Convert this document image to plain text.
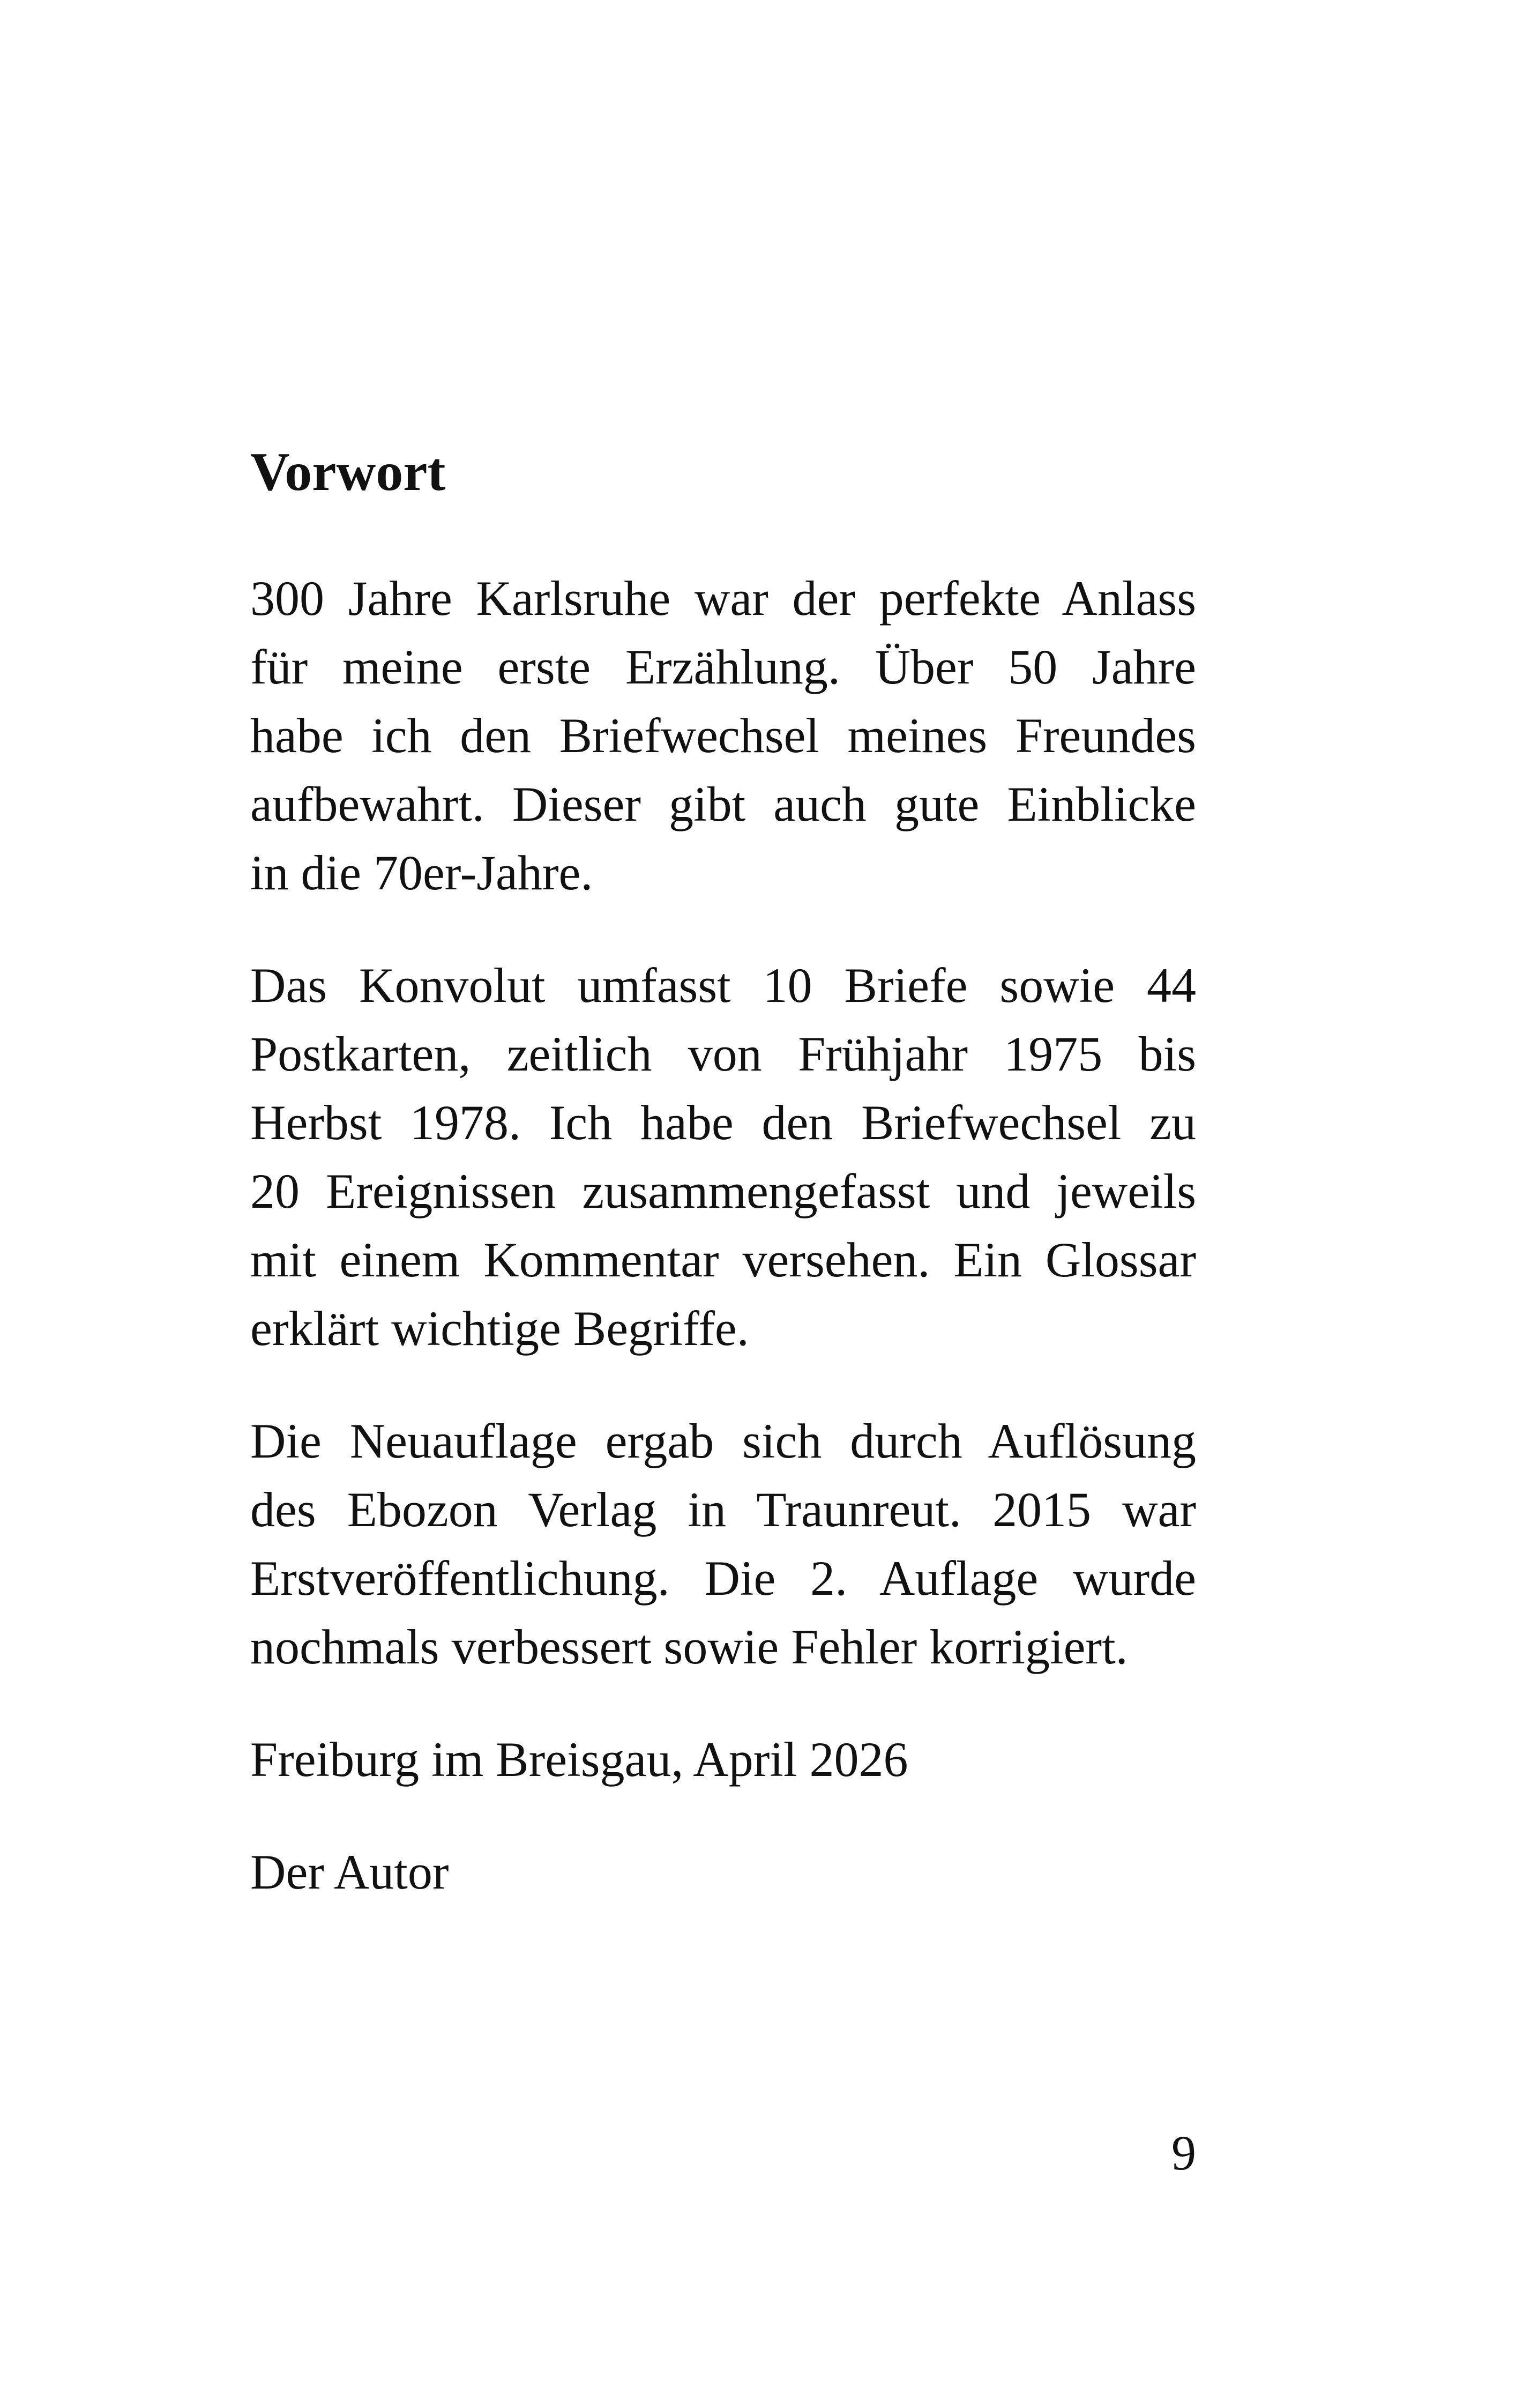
Vorwort

300 Jahre Karlsruhe war der perfekte Anlass

für meine erste Erzählung. Über 50 Jahre

habe ich den Briefwechsel meines Freundes

aufbewahrt. Dieser gibt auch gute Einblicke

in die 70er-Jahre.

Das Konvolut umfasst 10 Briefe sowie 44

Postkarten, zeitlich von Frühjahr 1975 bis

Herbst 1978. Ich habe den Briefwechsel zu

20 Ereignissen zusammengefasst und jeweils

mit einem Kommentar versehen. Ein Glossar

erklärt wichtige Begriffe.

Die Neuauflage ergab sich durch Auflösung

des Ebozon Verlag in Traunreut. 2015 war

Erstveröffentlichung. Die 2. Auflage wurde

nochmals verbessert sowie Fehler korrigiert.

Freiburg im Breisgau, April 2026

Der Autor

9
